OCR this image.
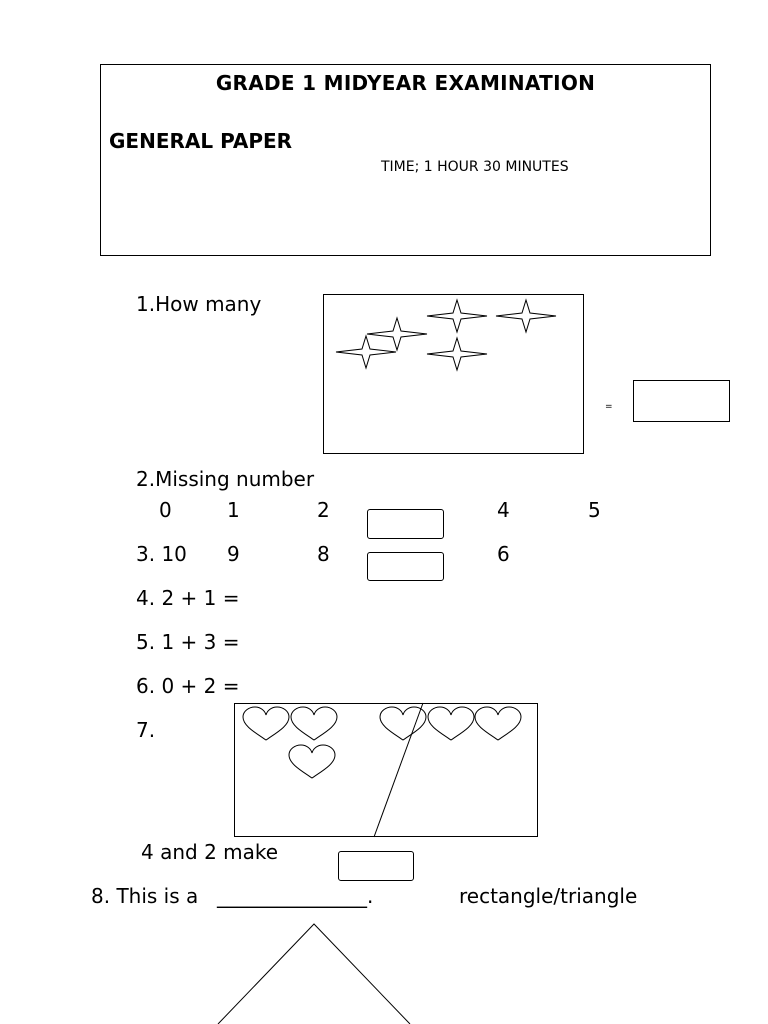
GRADE 1 MIDYEAR EXAMINATION
GENERAL PAPER
TIME; 1 HOUR 30 MINUTES
1.How many
=
2.Missing number
0	1	2	4	5
3. 10 9	8	6
4. 2 + 1 =
5. 1 + 3 =
6. 0 + 2 =
7.
4 and 2 make
8. This is a _______________.	rectangle/triangle
